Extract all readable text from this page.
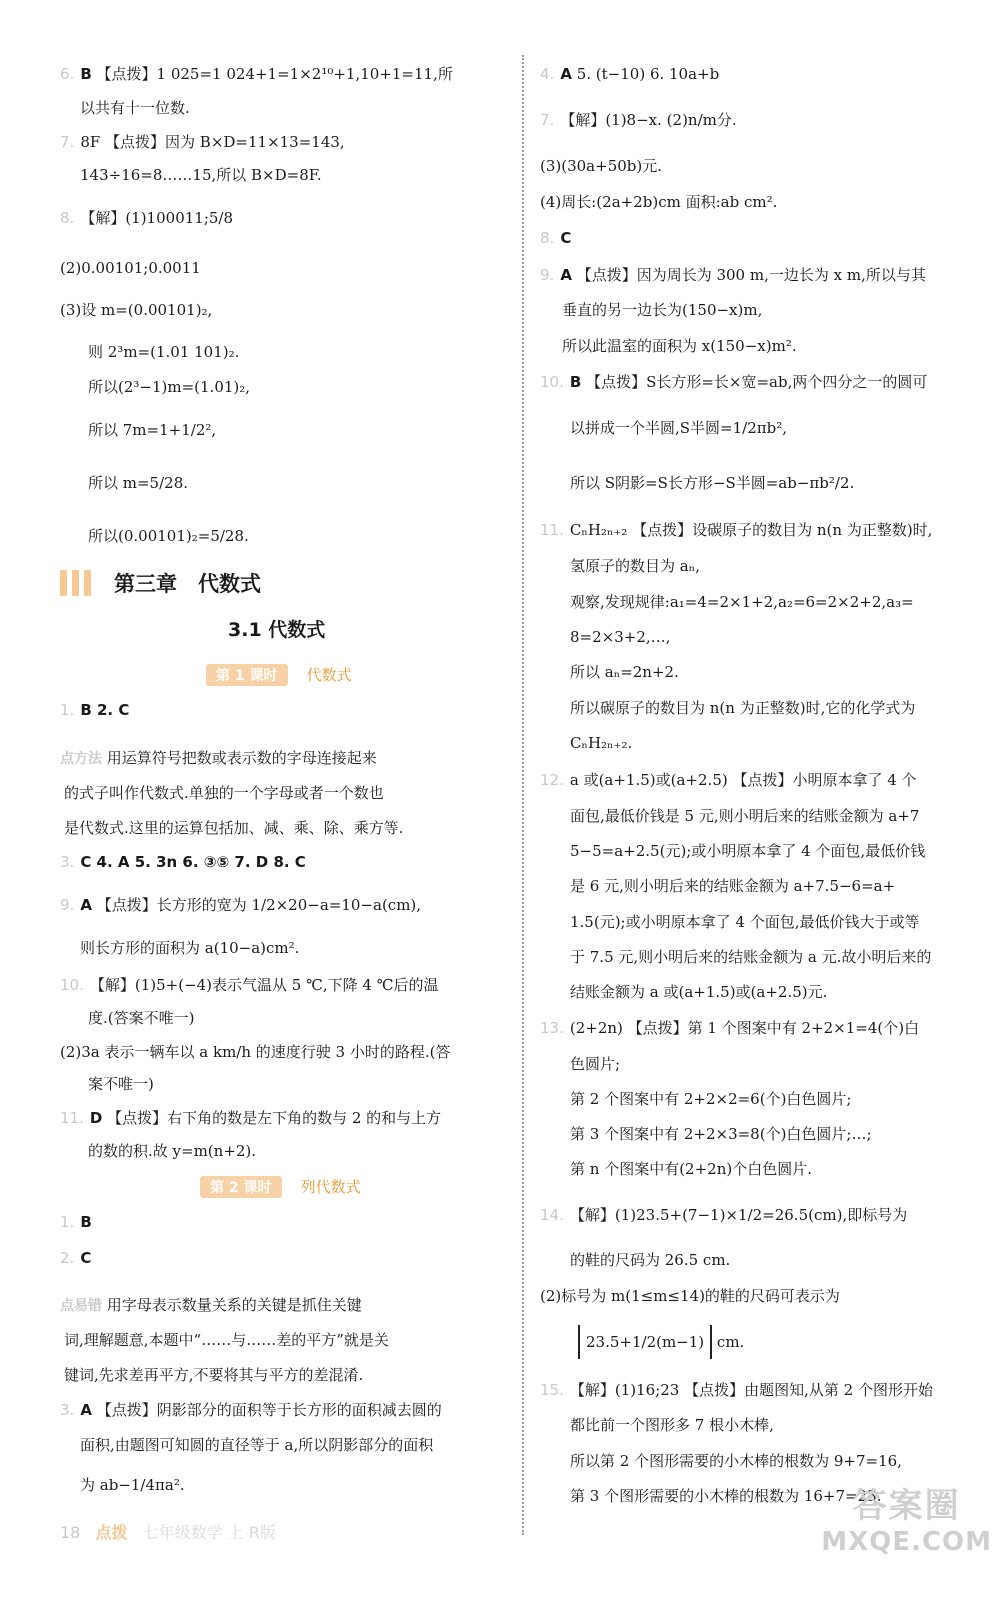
6. B 【点拨】1 025=1 024+1=1×2¹⁰+1,10+1=11,所
以共有十一位数.
7. 8F 【点拨】因为 B×D=11×13=143,
143÷16=8……15,所以 B×D=8F.
8. 【解】(1)100011;5/8
(2)0.00101;0.0011
(3)设 m=(0.00101)₂,
则 2³m=(1.01 101)₂.
所以(2³−1)m=(1.01)₂,
所以 7m=1+1/2²,
所以 m=5/28.
所以(0.00101)₂=5/28.
1. B 2. C
点方法 用运算符号把数或表示数的字母连接起来
的式子叫作代数式.单独的一个字母或者一个数也
是代数式.这里的运算包括加、减、乘、除、乘方等.
3. C 4. A 5. 3n 6. ③⑤ 7. D 8. C
9. A 【点拨】长方形的宽为 1/2×20−a=10−a(cm),
则长方形的面积为 a(10−a)cm².
10. 【解】(1)5+(−4)表示气温从 5 ℃,下降 4 ℃后的温
度.(答案不唯一)
(2)3a 表示一辆车以 a km/h 的速度行驶 3 小时的路程.(答
案不唯一)
11. D 【点拨】右下角的数是左下角的数与 2 的和与上方
的数的积.故 y=m(n+2).
1. B
2. C
点易错 用字母表示数量关系的关键是抓住关键
词,理解题意,本题中“……与……差的平方”就是关
键词,先求差再平方,不要将其与平方的差混淆.
3. A 【点拨】阴影部分的面积等于长方形的面积减去圆的
面积,由题图可知圆的直径等于 a,所以阴影部分的面积
为 ab−1/4πa².
4. A 5. (t−10) 6. 10a+b
7. 【解】(1)8−x. (2)n/m分.
(3)(30a+50b)元.
(4)周长:(2a+2b)cm 面积:ab cm².
8. C
9. A 【点拨】因为周长为 300 m,一边长为 x m,所以与其
垂直的另一边长为(150−x)m,
所以此温室的面积为 x(150−x)m².
10. B 【点拨】S长方形=长×宽=ab,两个四分之一的圆可
以拼成一个半圆,S半圆=1/2πb²,
所以 S阴影=S长方形−S半圆=ab−πb²/2.
11. CₙH₂ₙ₊₂ 【点拨】设碳原子的数目为 n(n 为正整数)时,
氢原子的数目为 aₙ,
观察,发现规律:a₁=4=2×1+2,a₂=6=2×2+2,a₃=
8=2×3+2,…,
所以 aₙ=2n+2.
所以碳原子的数目为 n(n 为正整数)时,它的化学式为
CₙH₂ₙ₊₂.
12. a 或(a+1.5)或(a+2.5) 【点拨】小明原本拿了 4 个
面包,最低价钱是 5 元,则小明后来的结账金额为 a+7
5−5=a+2.5(元);或小明原本拿了 4 个面包,最低价钱
是 6 元,则小明后来的结账金额为 a+7.5−6=a+
1.5(元);或小明原本拿了 4 个面包,最低价钱大于或等
于 7.5 元,则小明后来的结账金额为 a 元.故小明后来的
结账金额为 a 或(a+1.5)或(a+2.5)元.
13. (2+2n) 【点拨】第 1 个图案中有 2+2×1=4(个)白
色圆片;
第 2 个图案中有 2+2×2=6(个)白色圆片;
第 3 个图案中有 2+2×3=8(个)白色圆片;…;
第 n 个图案中有(2+2n)个白色圆片.
14. 【解】(1)23.5+(7−1)×1/2=26.5(cm),即标号为
的鞋的尺码为 26.5 cm.
(2)标号为 m(1≤m≤14)的鞋的尺码可表示为
15. 【解】(1)16;23 【点拨】由题图知,从第 2 个图形开始
都比前一个图形多 7 根小木棒,
所以第 2 个图形需要的小木棒的根数为 9+7=16,
第 3 个图形需要的小木棒的根数为 16+7=23.
第三章　代数式
3.1 代数式
第 1 课时 代数式
第 2 课时 列代数式
23.5+1/2(m−1) cm.
18 点拨 七年级数学 上 R版
答案圈
MXQE.COM
